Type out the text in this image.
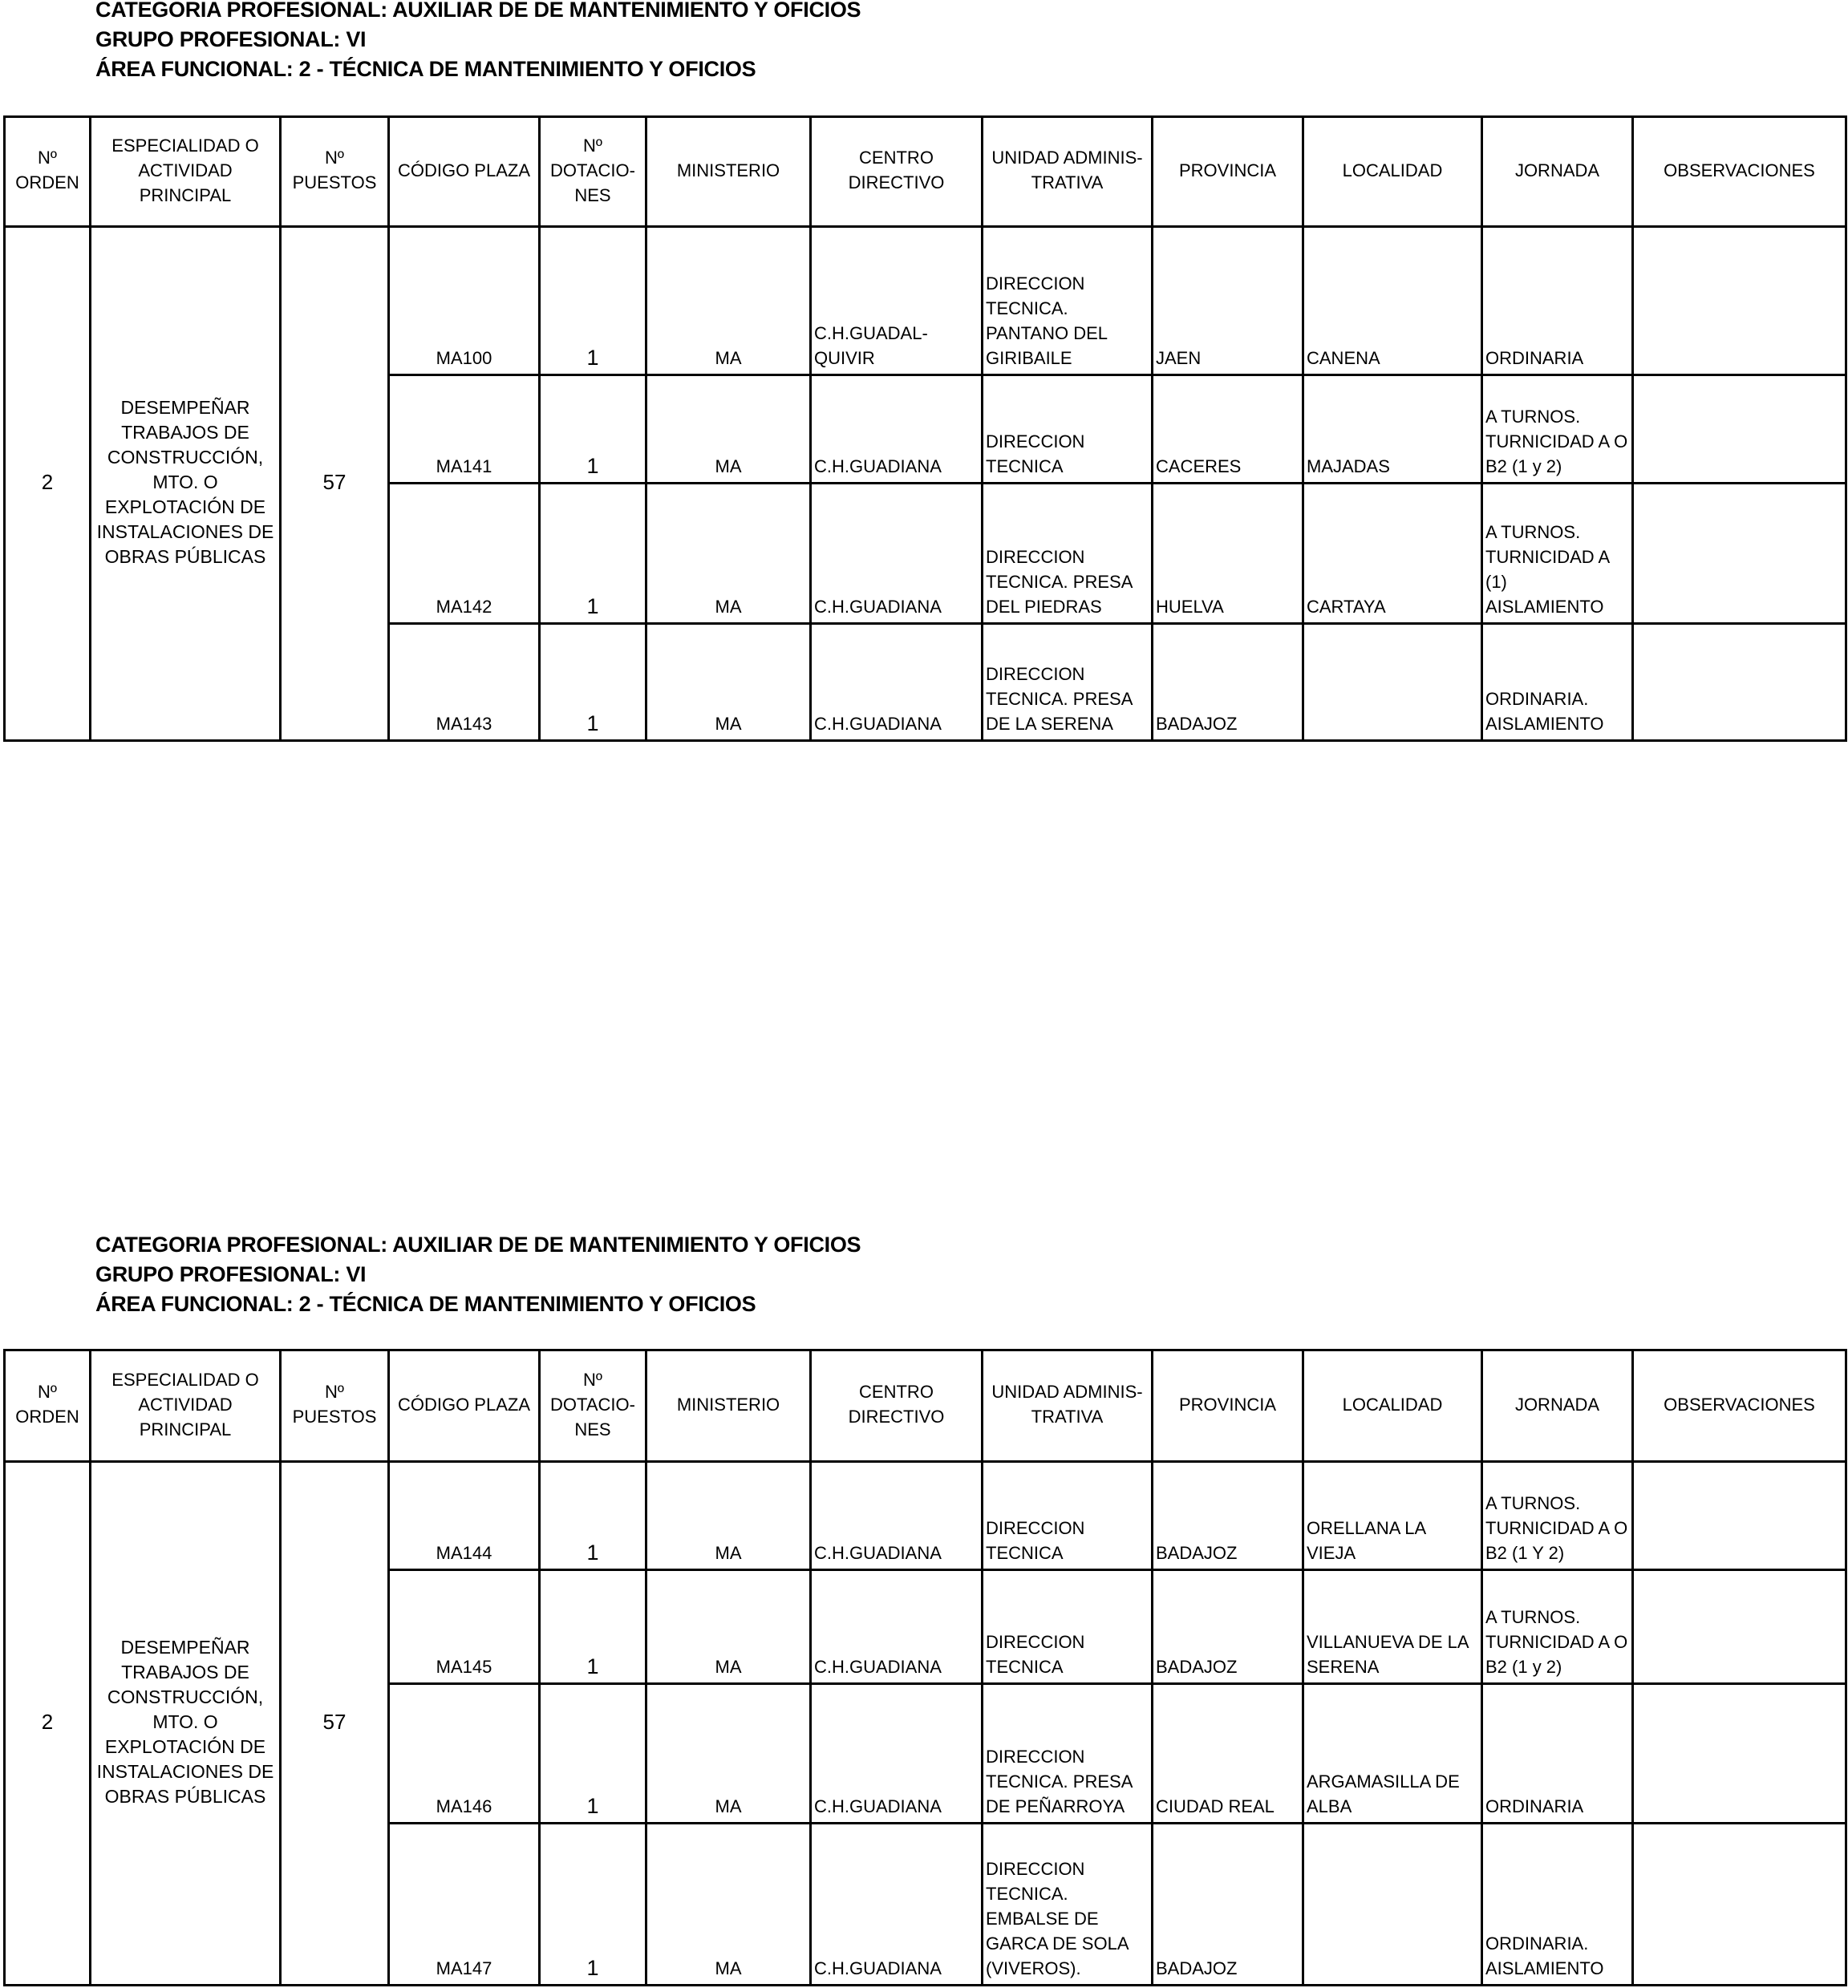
CATEGORIA PROFESIONAL: AUXILIAR DE DE MANTENIMIENTO Y OFICIOS
GRUPO PROFESIONAL: VI
ÁREA FUNCIONAL: 2 - TÉCNICA DE MANTENIMIENTO Y OFICIOS
Nº ORDEN	ESPECIALIDAD O ACTIVIDAD PRINCIPAL	Nº PUESTOS	CÓDIGO PLAZA	Nº DOTACIO-NES	MINISTERIO	CENTRO DIRECTIVO	UNIDAD ADMINIS-TRATIVA	PROVINCIA	LOCALIDAD	JORNADA	OBSERVACIONES
2	DESEMPEÑAR TRABAJOS DE CONSTRUCCIÓN, MTO. O EXPLOTACIÓN DE INSTALACIONES DE OBRAS PÚBLICAS	57	MA100	1	MA	C.H.GUADAL-QUIVIR	DIRECCION TECNICA. PANTANO DEL GIRIBAILE	JAEN	CANENA	ORDINARIA	
			MA141	1	MA	C.H.GUADIANA	DIRECCION TECNICA	CACERES	MAJADAS	A TURNOS. TURNICIDAD A O B2 (1 y 2)	
			MA142	1	MA	C.H.GUADIANA	DIRECCION TECNICA. PRESA DEL PIEDRAS	HUELVA	CARTAYA	A TURNOS. TURNICIDAD A (1) AISLAMIENTO	
			MA143	1	MA	C.H.GUADIANA	DIRECCION TECNICA. PRESA DE LA SERENA	BADAJOZ		ORDINARIA. AISLAMIENTO	
CATEGORIA PROFESIONAL: AUXILIAR DE DE MANTENIMIENTO Y OFICIOS
GRUPO PROFESIONAL: VI
ÁREA FUNCIONAL: 2 - TÉCNICA DE MANTENIMIENTO Y OFICIOS
Nº ORDEN	ESPECIALIDAD O ACTIVIDAD PRINCIPAL	Nº PUESTOS	CÓDIGO PLAZA	Nº DOTACIO-NES	MINISTERIO	CENTRO DIRECTIVO	UNIDAD ADMINIS-TRATIVA	PROVINCIA	LOCALIDAD	JORNADA	OBSERVACIONES
2	DESEMPEÑAR TRABAJOS DE CONSTRUCCIÓN, MTO. O EXPLOTACIÓN DE INSTALACIONES DE OBRAS PÚBLICAS	57	MA144	1	MA	C.H.GUADIANA	DIRECCION TECNICA	BADAJOZ	ORELLANA LA VIEJA	A TURNOS. TURNICIDAD A O B2 (1 Y 2)	
			MA145	1	MA	C.H.GUADIANA	DIRECCION TECNICA	BADAJOZ	VILLANUEVA DE LA SERENA	A TURNOS. TURNICIDAD A O B2 (1 y 2)	
			MA146	1	MA	C.H.GUADIANA	DIRECCION TECNICA. PRESA DE PEÑARROYA	CIUDAD REAL	ARGAMASILLA DE ALBA	ORDINARIA	
			MA147	1	MA	C.H.GUADIANA	DIRECCION TECNICA. EMBALSE DE GARCA DE SOLA (VIVEROS).	BADAJOZ		ORDINARIA. AISLAMIENTO	
